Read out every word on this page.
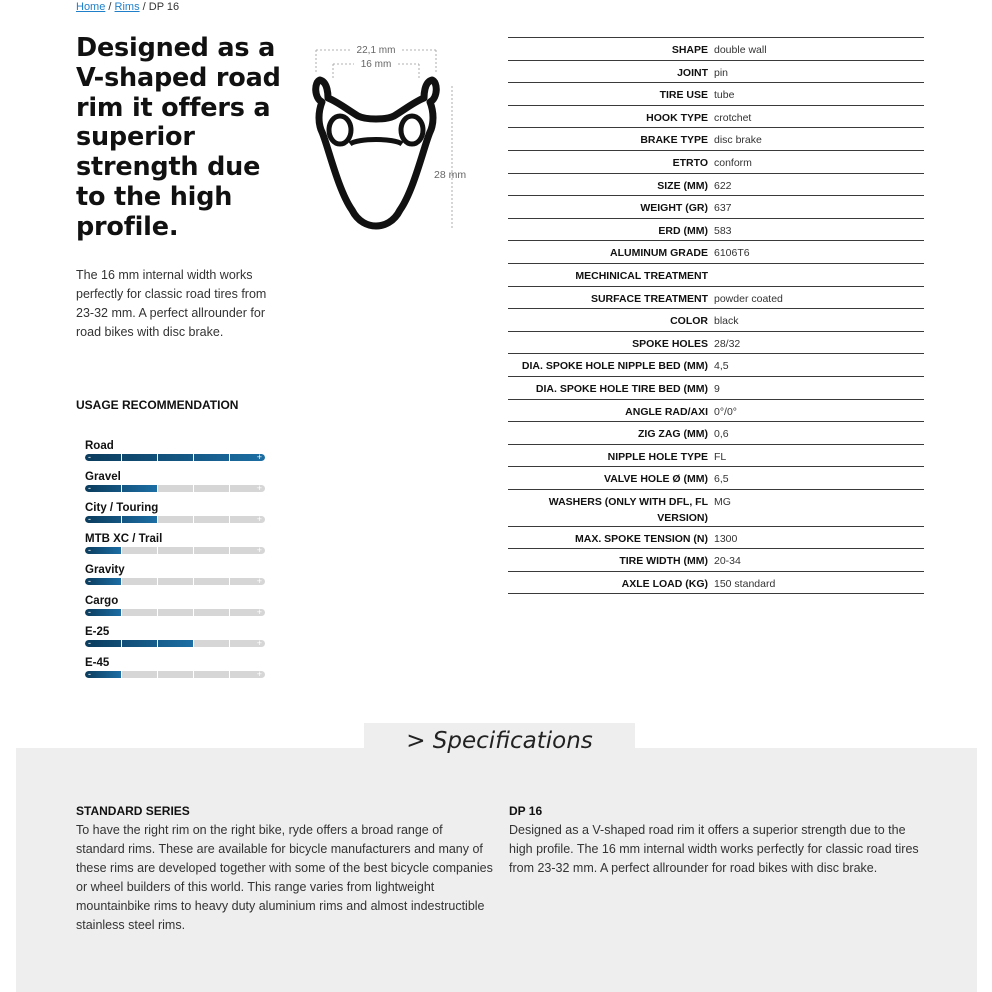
Home / Rims / DP 16
Designed as a V-shaped road rim it offers a superior strength due to the high profile.

The 16 mm internal width works perfectly for classic road tires from 23-32 mm. A perfect allrounder for road bikes with disc brake.

USAGE RECOMMENDATION
Road
-	+
Gravel
-	+
City / Touring
-	+
MTB XC / Trail
-	+
Gravity
-	+
Cargo
-	+
E-25
-	+
E-45
-	+
22,1 mm
16 mm
28 mm
SHAPE double wall
JOINT pin
TIRE USE tube
HOOK TYPE crotchet
BRAKE TYPE disc brake
ETRTO conform
SIZE (MM) 622
WEIGHT (GR) 637
ERD (MM) 583
ALUMINUM GRADE 6106T6
MECHINICAL TREATMENT
SURFACE TREATMENT powder coated
COLOR black
SPOKE HOLES 28/32
DIA. SPOKE HOLE NIPPLE BED (MM) 4,5
DIA. SPOKE HOLE TIRE BED (MM) 9
ANGLE RAD/AXI 0°/0°
ZIG ZAG (MM) 0,6
NIPPLE HOLE TYPE FL
VALVE HOLE Ø (MM) 6,5
WASHERS (ONLY WITH DFL, FL VERSION)
MG
MAX. SPOKE TENSION (N) 1300
TIRE WIDTH (MM) 20-34
AXLE LOAD (KG) 150 standard
> Specifications
STANDARD SERIES

To have the right rim on the right bike, ryde offers a broad range of standard rims. These are available for bicycle manufacturers and many of these rims are developed together with some of the best bicycle companies or wheel builders of this world. This range varies from lightweight mountainbike rims to heavy duty aluminium rims and almost indestructible stainless steel rims.

DP 16

Designed as a V-shaped road rim it offers a superior strength due to the high profile. The 16 mm internal width works perfectly for classic road tires from 23-32 mm. A perfect allrounder for road bikes with disc brake.
